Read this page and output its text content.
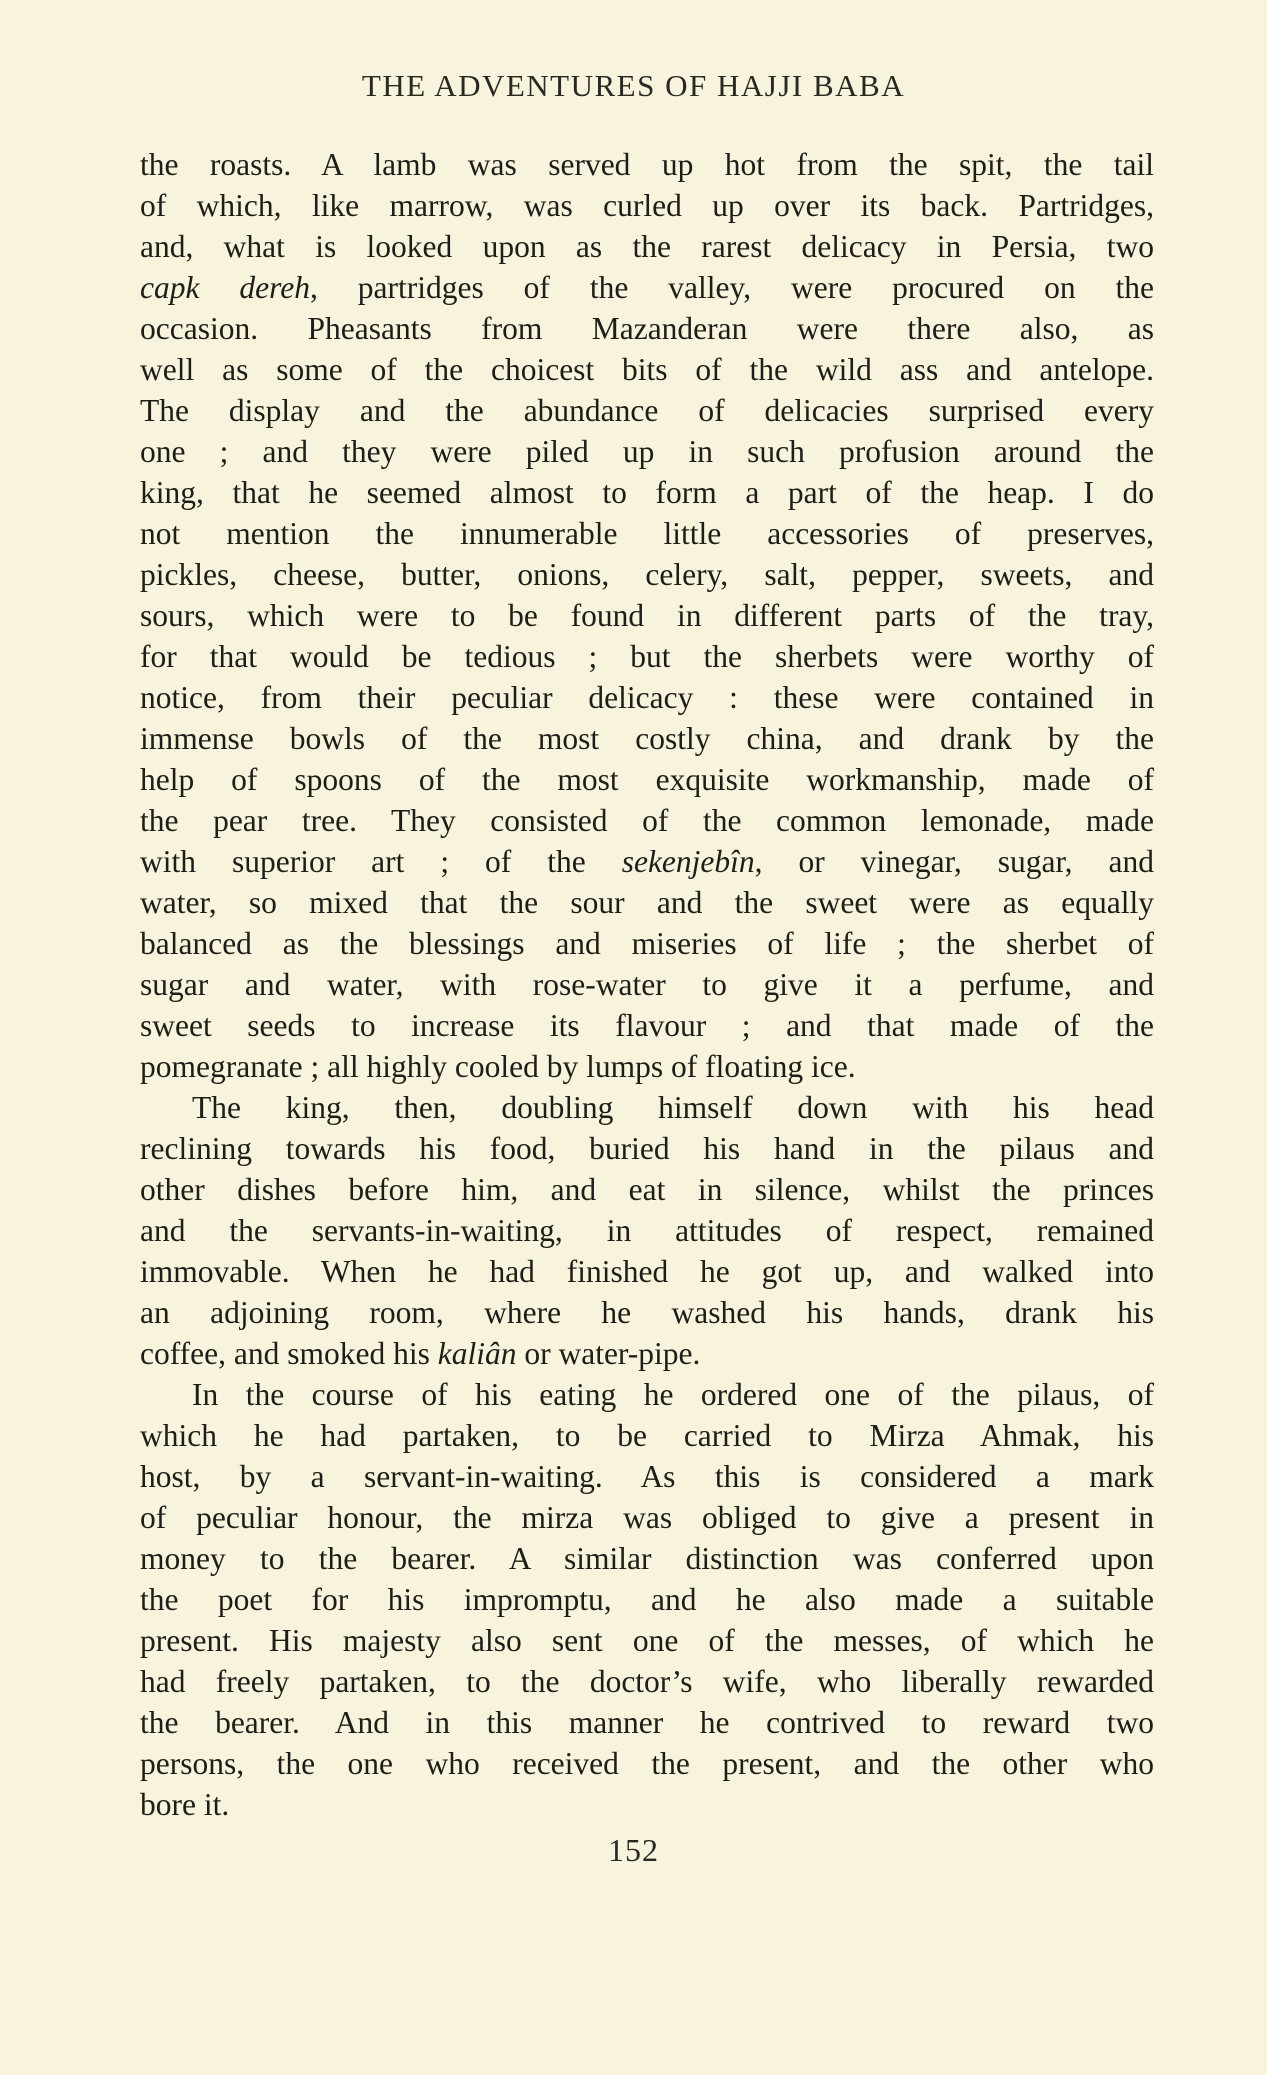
THE ADVENTURES OF HAJJI BABA
the roasts. A lamb was served up hot from the spit, the tail
of which, like marrow, was curled up over its back. Partridges,
and, what is looked upon as the rarest delicacy in Persia, two
capk dereh, partridges of the valley, were procured on the
occasion. Pheasants from Mazanderan were there also, as
well as some of the choicest bits of the wild ass and antelope.
The display and the abundance of delicacies surprised every
one ; and they were piled up in such profusion around the
king, that he seemed almost to form a part of the heap. I do
not mention the innumerable little accessories of preserves,
pickles, cheese, butter, onions, celery, salt, pepper, sweets, and
sours, which were to be found in different parts of the tray,
for that would be tedious ; but the sherbets were worthy of
notice, from their peculiar delicacy : these were contained in
immense bowls of the most costly china, and drank by the
help of spoons of the most exquisite workmanship, made of
the pear tree. They consisted of the common lemonade, made
with superior art ; of the sekenjebîn, or vinegar, sugar, and
water, so mixed that the sour and the sweet were as equally
balanced as the blessings and miseries of life ; the sherbet of
sugar and water, with rose-water to give it a perfume, and
sweet seeds to increase its flavour ; and that made of the
pomegranate ; all highly cooled by lumps of floating ice.
The king, then, doubling himself down with his head
reclining towards his food, buried his hand in the pilaus and
other dishes before him, and eat in silence, whilst the princes
and the servants-in-waiting, in attitudes of respect, remained
immovable. When he had finished he got up, and walked into
an adjoining room, where he washed his hands, drank his
coffee, and smoked his kaliân or water-pipe.
In the course of his eating he ordered one of the pilaus, of
which he had partaken, to be carried to Mirza Ahmak, his
host, by a servant-in-waiting. As this is considered a mark
of peculiar honour, the mirza was obliged to give a present in
money to the bearer. A similar distinction was conferred upon
the poet for his impromptu, and he also made a suitable
present. His majesty also sent one of the messes, of which he
had freely partaken, to the doctor’s wife, who liberally rewarded
the bearer. And in this manner he contrived to reward two
persons, the one who received the present, and the other who
bore it.
152
